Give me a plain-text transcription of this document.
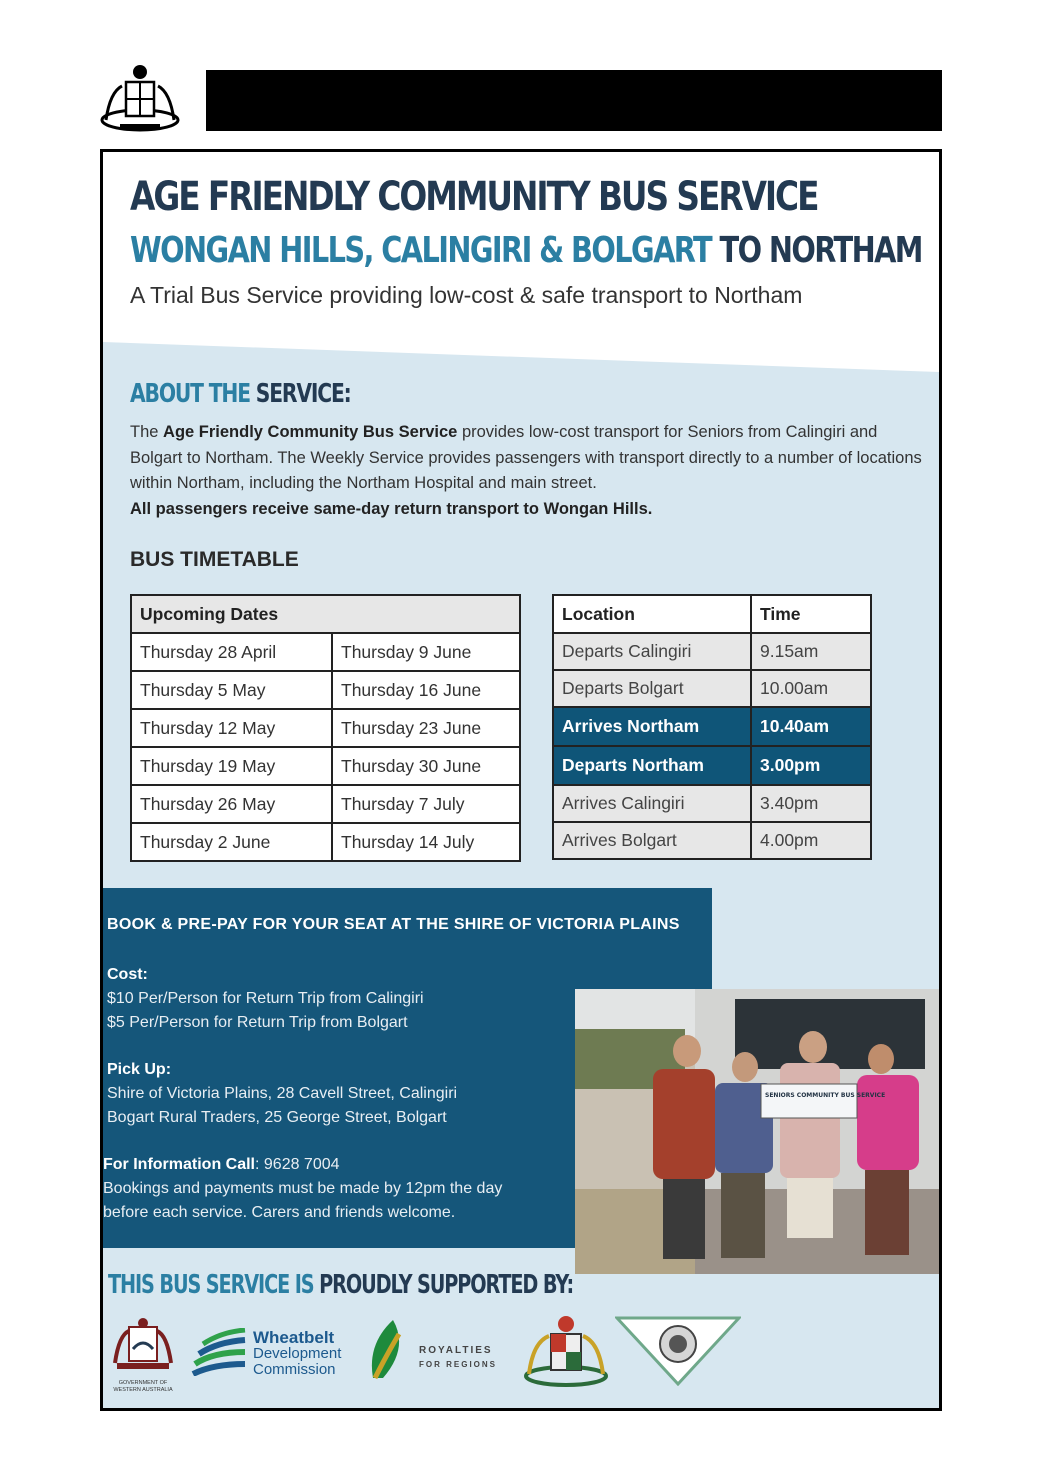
AGE FRIENDLY COMMUNITY BUS SERVICE
WONGAN HILLS, CALINGIRI & BOLGART TO NORTHAM

A Trial Bus Service providing low-cost & safe transport to Northam

ABOUT THE SERVICE:

The Age Friendly Community Bus Service provides low-cost transport for Seniors from Calingiri and Bolgart to Northam. The Weekly Service provides passengers with transport directly to a number of locations within Northam, including the Northam Hospital and main street.
All passengers receive same-day return transport to Wongan Hills.

BUS TIMETABLE
Upcoming Dates	
Thursday 28 April	Thursday 9 June
Thursday 5 May	Thursday 16 June
Thursday 12 May	Thursday 23 June
Thursday 19 May	Thursday 30 June
Thursday 26 May	Thursday 7 July
Thursday 2 June	Thursday 14 July
Location	Time
Departs Calingiri	9.15am
Departs Bolgart	10.00am
Arrives Northam	10.40am
Departs Northam	3.00pm
Arrives Calingiri	3.40pm
Arrives Bolgart	4.00pm

BOOK & PRE-PAY FOR YOUR SEAT AT THE SHIRE OF VICTORIA PLAINS

Cost:

$10 Per/Person for Return Trip from Calingiri

$5 Per/Person for Return Trip from Bolgart

Pick Up:

Shire of Victoria Plains, 28 Cavell Street, Calingiri

Bogart Rural Traders, 25 George Street, Bolgart

For Information Call: 9628 7004

Bookings and payments must be made by 12pm the day

before each service. Carers and friends welcome.

SENIORS COMMUNITY BUS SERVICE
THIS BUS SERVICE IS PROUDLY SUPPORTED BY:

GOVERNMENT OF WESTERN AUSTRALIA

Wheatbelt
Development
Commission
ROYALTIES
FOR REGIONS
